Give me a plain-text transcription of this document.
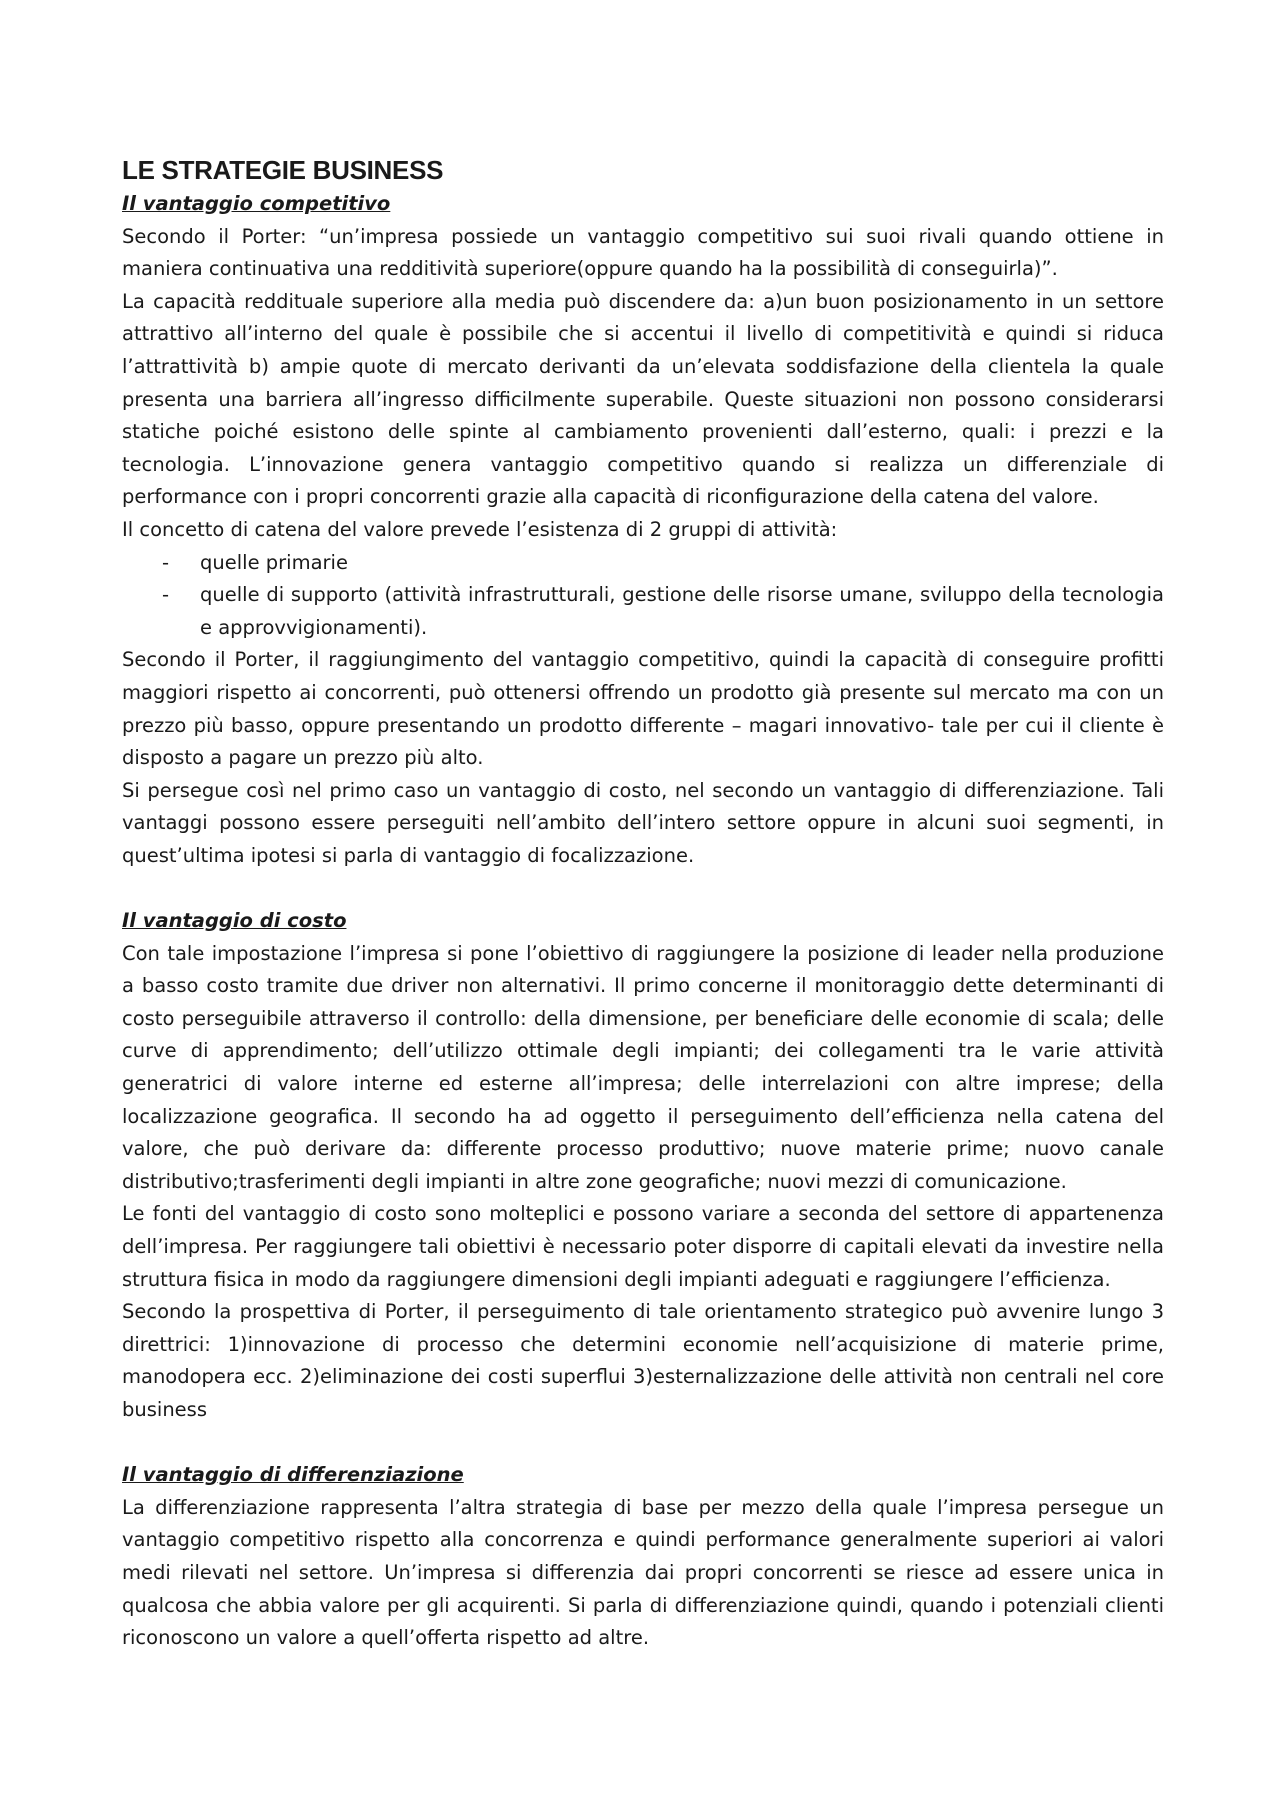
LE STRATEGIE BUSINESS
Il vantaggio competitivo

Secondo il Porter: “un’impresa possiede un vantaggio competitivo sui suoi rivali quando ottiene in maniera continuativa una redditività superiore(oppure quando ha la possibilità di conseguirla)”.

La capacità reddituale superiore alla media può discendere da: a)un buon posizionamento in un settore attrattivo all’interno del quale è possibile che si accentui il livello di competitività e quindi si riduca l’attrattività b) ampie quote di mercato derivanti da un’elevata soddisfazione della clientela la quale presenta una barriera all’ingresso difficilmente superabile. Queste situazioni non possono considerarsi statiche poiché esistono delle spinte al cambiamento provenienti dall’esterno, quali: i prezzi e la tecnologia. L’innovazione genera vantaggio competitivo quando si realizza un differenziale di performance con i propri concorrenti grazie alla capacità di riconfigurazione della catena del valore.

Il concetto di catena del valore prevede l’esistenza di 2 gruppi di attività:

- quelle primarie
- quelle di supporto (attività infrastrutturali, gestione delle risorse umane, sviluppo della tecnologia e approvvigionamenti).

Secondo il Porter, il raggiungimento del vantaggio competitivo, quindi la capacità di conseguire profitti maggiori rispetto ai concorrenti, può ottenersi offrendo un prodotto già presente sul mercato ma con un prezzo più basso, oppure presentando un prodotto differente – magari innovativo- tale per cui il cliente è disposto a pagare un prezzo più alto.

Si persegue così nel primo caso un vantaggio di costo, nel secondo un vantaggio di differenziazione. Tali vantaggi possono essere perseguiti nell’ambito dell’intero settore oppure in alcuni suoi segmenti, in quest’ultima ipotesi si parla di vantaggio di focalizzazione.

Il vantaggio di costo

Con tale impostazione l’impresa si pone l’obiettivo di raggiungere la posizione di leader nella produzione a basso costo tramite due driver non alternativi. Il primo concerne il monitoraggio dette determinanti di costo perseguibile attraverso il controllo: della dimensione, per beneficiare delle economie di scala; delle curve di apprendimento; dell’utilizzo ottimale degli impianti; dei collegamenti tra le varie attività generatrici di valore interne ed esterne all’impresa; delle interrelazioni con altre imprese; della localizzazione geografica. Il secondo ha ad oggetto il perseguimento dell’efficienza nella catena del valore, che può derivare da: differente processo produttivo; nuove materie prime; nuovo canale distributivo;trasferimenti degli impianti in altre zone geografiche; nuovi mezzi di comunicazione.

Le fonti del vantaggio di costo sono molteplici e possono variare a seconda del settore di appartenenza dell’impresa. Per raggiungere tali obiettivi è necessario poter disporre di capitali elevati da investire nella struttura fisica in modo da raggiungere dimensioni degli impianti adeguati e raggiungere l’efficienza.

Secondo la prospettiva di Porter, il perseguimento di tale orientamento strategico può avvenire lungo 3 direttrici: 1)innovazione di processo che determini economie nell’acquisizione di materie prime, manodopera ecc. 2)eliminazione dei costi superflui 3)esternalizzazione delle attività non centrali nel core business

Il vantaggio di differenziazione

La differenziazione rappresenta l’altra strategia di base per mezzo della quale l’impresa persegue un vantaggio competitivo rispetto alla concorrenza e quindi performance generalmente superiori ai valori medi rilevati nel settore. Un’impresa si differenzia dai propri concorrenti se riesce ad essere unica in qualcosa che abbia valore per gli acquirenti. Si parla di differenziazione quindi, quando i potenziali clienti riconoscono un valore a quell’offerta rispetto ad altre.
